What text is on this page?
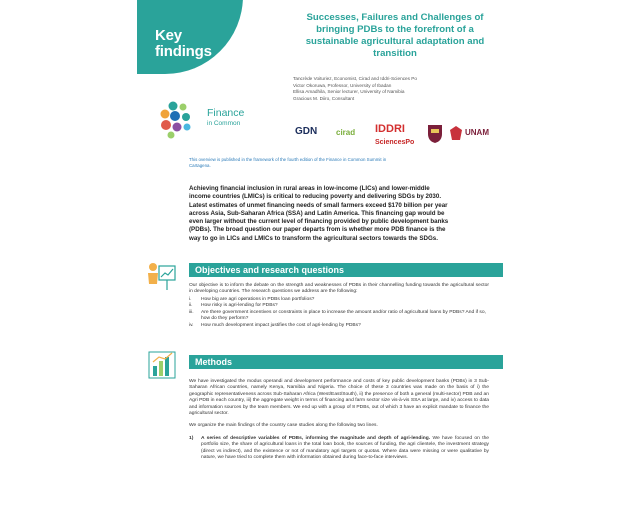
Key
findings
Successes, Failures and Challenges of bringing PDBs to the forefront of a sustainable agricultural adaptation and transition
Tancrède Voituriez, Economist, Cirad and Iddri-Sciences Po
Victor Okoruwa, Professor, University of Ibadan
Ellisa Amadhila, Senior lecturer, University of Namibia
Gracious M. Diiro, Consultant
Finance
in Common
GDN cirad IDDRI
SciencesPo
UNAM
This overview is published in the framework of the fourth edition of the Finance in Common Summit in Cartagena.
Achieving financial inclusion in rural areas in low-income (LICs) and lower-middle income countries (LMICs) is critical to reducing poverty and delivering SDGs by 2030. Latest estimates of unmet financing needs of small farmers exceed $170 billion per year across Asia, Sub-Saharan Africa (SSA) and Latin America. This financing gap would be even larger without the current level of financing provided by public development banks (PDBs). The broad question our paper departs from is whether more PDB finance is the way to go in LICs and LMICs to transform the agricultural sectors towards the SDGs.
Objectives and research questions
Our objective is to inform the debate on the strength and weaknesses of PDBs in their channelling funding towards the agricultural sector in developing countries. The research questions we address are the following:
i.	How big are agri operations in PDBs loan portfolios?
ii.	How risky is agri-lending for PDBs?
iii.	Are there government incentives or constraints in place to increase the amount and/or ratio of agricultural loans by PDBs? And if so, how do they perform?
iv.	How much development impact justifies the cost of agri-lending by PDBs?
Methods
We have investigated the modus operandi and development performance and costs of key public development banks (PDBs) in 3 Sub-Saharan African countries, namely Kenya, Namibia and Nigeria. The choice of these 3 countries was made on the basis of i) the geographic representativeness across Sub-Saharan Africa (West/East/South), ii) the presence of both a general (multi-sector) PDB and an Agri PDB in each country, iii) the aggregate weight in terms of financing and farm sector size vis-à-vis SSA at large, and iv) access to data and information sources by the team members. We end up with a group of 8 PDBs, out of which 3 have an explicit mandate to finance the agricultural sector.
We organize the main findings of the country case studies along the following two lines.
1)	A series of descriptive variables of PDBs, informing the magnitude and depth of agri-lending. We have focused on the portfolio size, the share of agricultural loans in the total loan book, the sources of funding, the agri clientele, the investment strategy (direct vs indirect), and the existence or not of mandatory agri targets or quotas. Where data were missing or were qualitative by nature, we have tried to complete them with information obtained during face-to-face interviews.
